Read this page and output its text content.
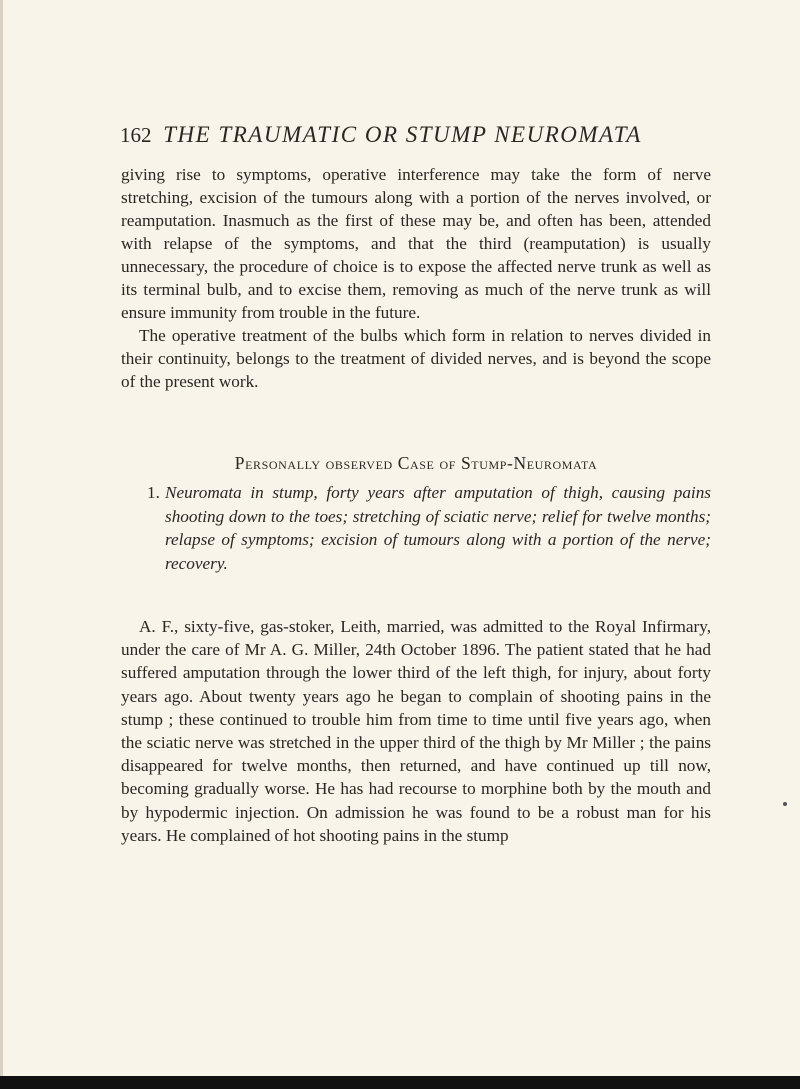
162 THE TRAUMATIC OR STUMP NEUROMATA

giving rise to symptoms, operative interference may take the form of nerve stretching, excision of the tumours along with a portion of the nerves involved, or reamputation. Inasmuch as the first of these may be, and often has been, attended with relapse of the symptoms, and that the third (reamputation) is usually unnecessary, the procedure of choice is to expose the affected nerve trunk as well as its terminal bulb, and to excise them, removing as much of the nerve trunk as will ensure immunity from trouble in the future.

The operative treatment of the bulbs which form in relation to nerves divided in their continuity, belongs to the treatment of divided nerves, and is beyond the scope of the present work.

Personally observed Case of Stump-Neuromata
1. Neuromata in stump, forty years after amputation of thigh, causing pains shooting down to the toes; stretching of sciatic nerve; relief for twelve months; relapse of symptoms; excision of tumours along with a portion of the nerve; recovery.

A. F., sixty-five, gas-stoker, Leith, married, was admitted to the Royal Infirmary, under the care of Mr A. G. Miller, 24th October 1896. The patient stated that he had suffered amputation through the lower third of the left thigh, for injury, about forty years ago. About twenty years ago he began to complain of shooting pains in the stump ; these continued to trouble him from time to time until five years ago, when the sciatic nerve was stretched in the upper third of the thigh by Mr Miller ; the pains disappeared for twelve months, then returned, and have continued up till now, becoming gradually worse. He has had recourse to morphine both by the mouth and by hypodermic injection. On admission he was found to be a robust man for his years. He complained of hot shooting pains in the stump
